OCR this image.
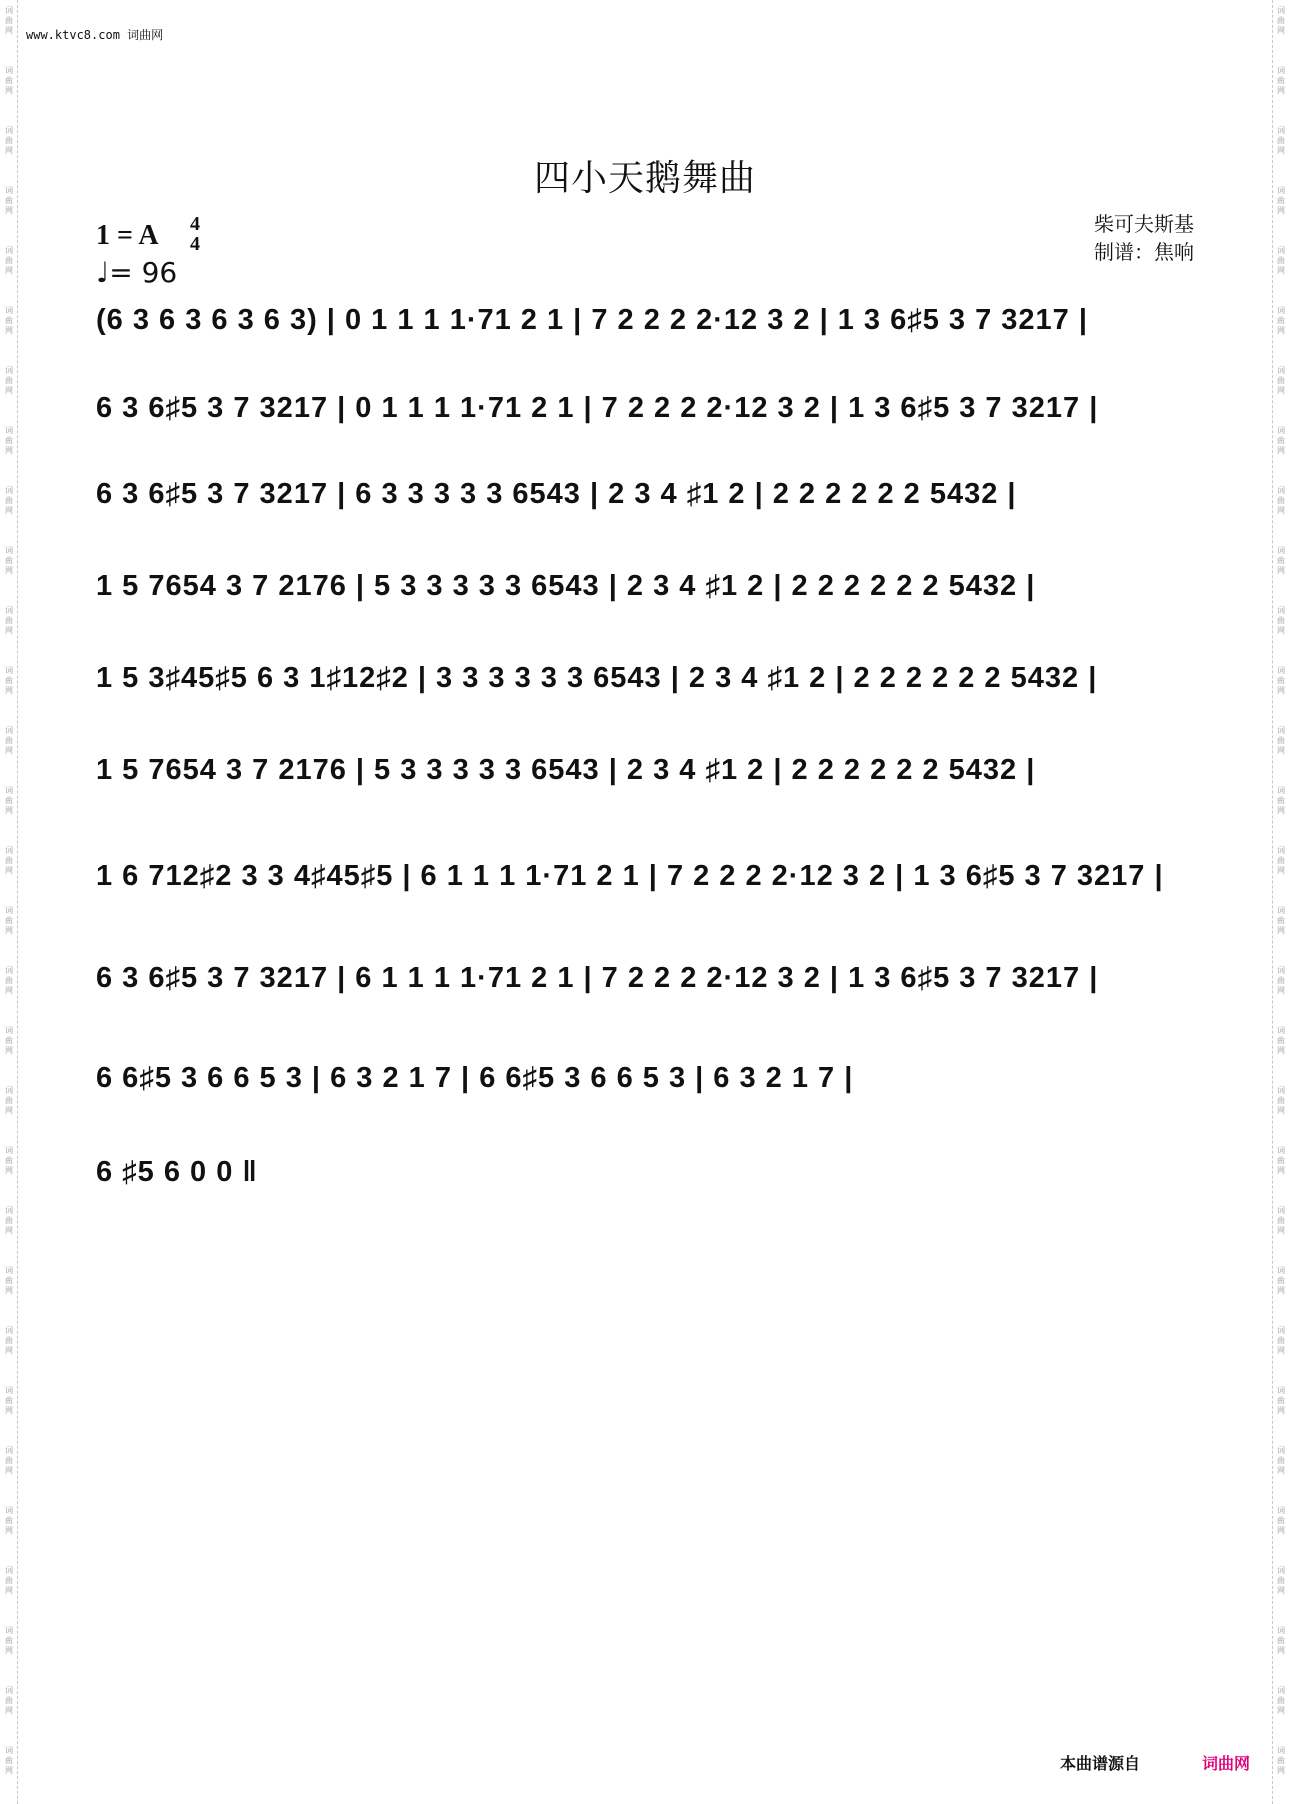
词
曲
网
词
曲
网
词
曲
网
词
曲
网
词
曲
网
词
曲
网
词
曲
网
词
曲
网
词
曲
网
词
曲
网
词
曲
网
词
曲
网
词
曲
网
词
曲
网
词
曲
网
词
曲
网
词
曲
网
词
曲
网
词
曲
网
词
曲
网
词
曲
网
词
曲
网
词
曲
网
词
曲
网
词
曲
网
词
曲
网
词
曲
网
词
曲
网
词
曲
网
词
曲
网
词
曲
网
词
曲
网
词
曲
网
词
曲
网
词
曲
网
词
曲
网
词
曲
网
词
曲
网
词
曲
网
词
曲
网
词
曲
网
词
曲
网
词
曲
网
词
曲
网
词
曲
网
词
曲
网
词
曲
网
词
曲
网
词
曲
网
词
曲
网
词
曲
网
词
曲
网
词
曲
网
词
曲
网
词
曲
网
词
曲
网
词
曲
网
词
曲
网
词
曲
网
词
曲
网
www.ktvc8.com 词曲网
四小天鹅舞曲
1 = A 4
4
♩= 96
柴可夫斯基
制谱：焦响
(6 3 6 3 6 3 6 3) | 0 1 1 1 1·71 2 1 | 7 2 2 2 2·12 3 2 | 1 3 6♯5 3 7 3217 |
6 3 6♯5 3 7 3217 | 0 1 1 1 1·71 2 1 | 7 2 2 2 2·12 3 2 | 1 3 6♯5 3 7 3217 |
6 3 6♯5 3 7 3217 | 6 3 3 3 3 3 6543 | 2 3 4 ♯1 2 | 2 2 2 2 2 2 5432 |
1 5 7654 3 7 2176 | 5 3 3 3 3 3 6543 | 2 3 4 ♯1 2 | 2 2 2 2 2 2 5432 |
1 5 3♯45♯5 6 3 1♯12♯2 | 3 3 3 3 3 3 6543 | 2 3 4 ♯1 2 | 2 2 2 2 2 2 5432 |
1 5 7654 3 7 2176 | 5 3 3 3 3 3 6543 | 2 3 4 ♯1 2 | 2 2 2 2 2 2 5432 |
1 6 712♯2 3 3 4♯45♯5 | 6 1 1 1 1·71 2 1 | 7 2 2 2 2·12 3 2 | 1 3 6♯5 3 7 3217 |
6 3 6♯5 3 7 3217 | 6 1 1 1 1·71 2 1 | 7 2 2 2 2·12 3 2 | 1 3 6♯5 3 7 3217 |
6 6♯5 3 6 6 5 3 | 6 3 2 1 7 | 6 6♯5 3 6 6 5 3 | 6 3 2 1 7 |
6 ♯5 6 0 0 ‖
本曲谱源自	词曲网
